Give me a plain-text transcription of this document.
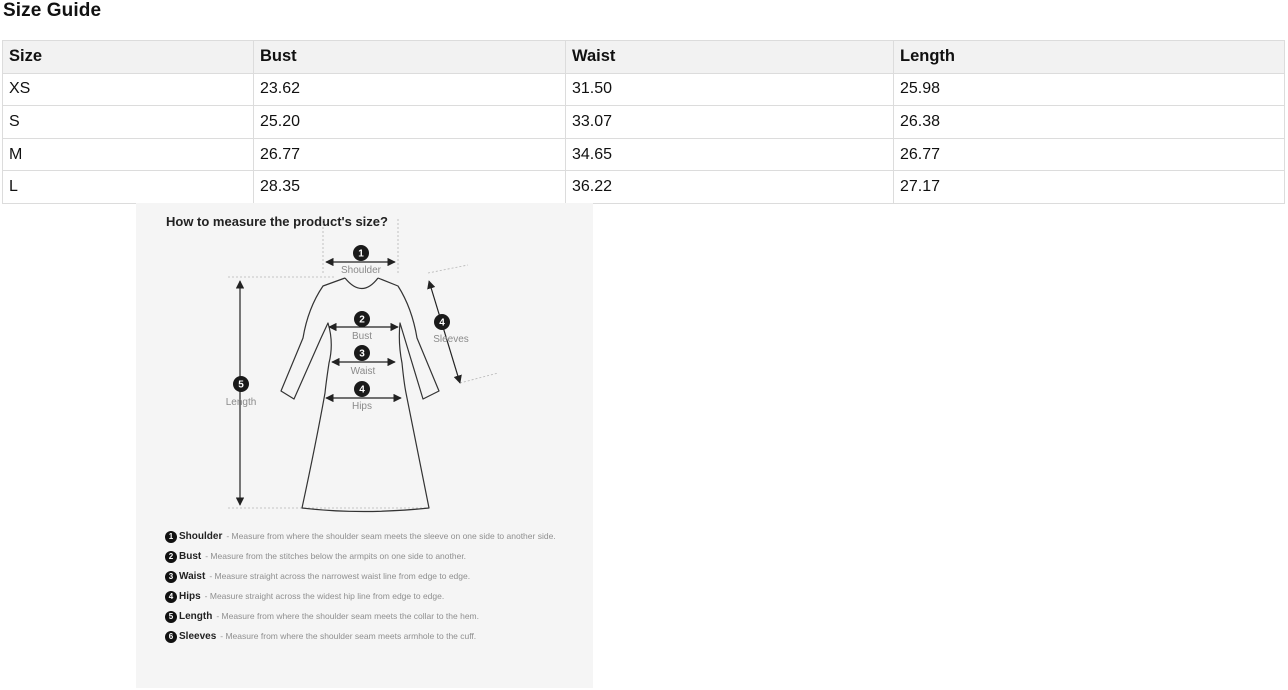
Size Guide
Size	Bust	Waist	Length
XS	23.62	31.50	25.98
S	25.20	33.07	26.38
M	26.77	34.65	26.77
L	28.35	36.22	27.17
How to measure the product's size?
1
Shoulder
2
Bust
3
Waist
4
Hips
5
Length
4
Sleeves
1 Shoulder - Measure from where the shoulder seam meets the sleeve on one side to another side.
2 Bust - Measure from the stitches below the armpits on one side to another.
3 Waist - Measure straight across the narrowest waist line from edge to edge.
4 Hips - Measure straight across the widest hip line from edge to edge.
5 Length - Measure from where the shoulder seam meets the collar to the hem.
6 Sleeves - Measure from where the shoulder seam meets armhole to the cuff.
